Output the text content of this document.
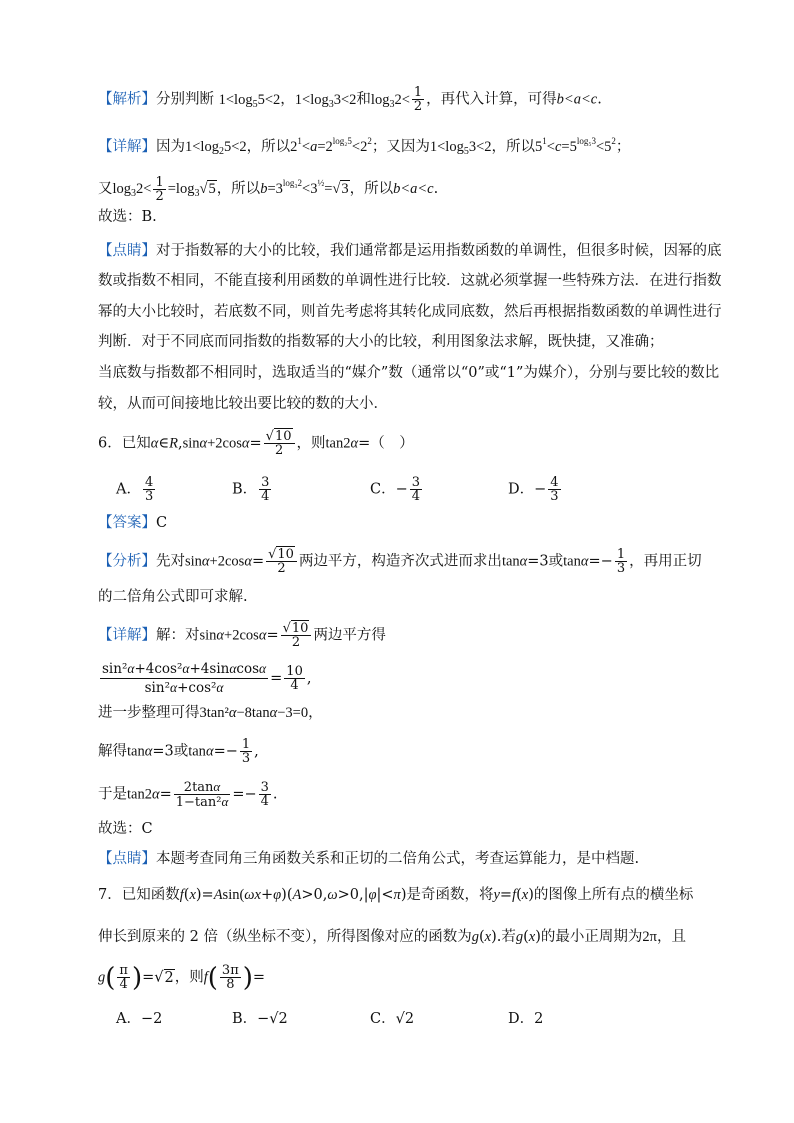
【解析】分别判断 $1<\log_55<2$，$1<\log_33<2$和$\log_32< \frac{1}{2}$ ，再代入计算，可得b<a<c.
【详解】因为$1<\log_25<2$，所以$2^1<a=2^{log_25}<2^2$；又因为$1<\log_53<2$，所以$5^1<c=5^{log_53}<5^2$；
又$\log_32< \frac{1}{2} =\log_3√5$，所以$b=3^{log_32}<3^{\frac{1}{2}}=√3$，所以b<a<c.
故选：B.
【点睛】对于指数幂的大小的比较，我们通常都是运用指数函数的单调性，但很多时候，因幂的底
数或指数不相同，不能直接利用函数的单调性进行比较．这就必须掌握一些特殊方法．在进行指数
幂的大小比较时，若底数不同，则首先考虑将其转化成同底数，然后再根据指数函数的单调性进行
判断．对于不同底而同指数的指数幂的大小的比较，利用图象法求解，既快捷，又准确；
当底数与指数都不相同时，选取适当的“媒介”数（通常以“0”或“1”为媒介），分别与要比较的数比
较，从而可间接地比较出要比较的数的大小．
6．已知α∈R,sinα+2cosα= $\frac{√10}{2}$ ，则tan2α=（　）
A． $\frac{4}{3}$	B． $\frac{3}{4}$	C．− $\frac{3}{4}$	D．− $\frac{4}{3}$
【答案】C
【分析】先对$\sin\alpha+2\cos\alpha= \frac{√10}{2}$ 两边平方，构造齐次式进而求出tanα=3或$\tan\alpha=- \frac{1}{3}$ ，再用正切
的二倍角公式即可求解.
【详解】解：对$\sin\alpha+2\cos\alpha= \frac{√10}{2}$ 两边平方得
$\frac{\text{sin²α+4cos²α+4sinαcosα}}{\text{sin²α+cos²α}} = \frac{10}{4}$ ,
进一步整理可得3tan²α−8tanα−3=0，
解得tanα=3或$\tan\alpha=- \frac{1}{3}$ ,
于是$\tan 2\alpha= \frac{2\tan\alpha}{\text{1−tan²α}} =- \frac{3}{4}$ .
故选：C
【点睛】本题考查同角三角函数关系和正切的二倍角公式，考查运算能力，是中档题.
7．已知函数f(x)=Asin(ωx+φ)(A>0,ω>0,|φ|<π)是奇函数，将y=f(x)的图像上所有点的横坐标
伸长到原来的 2 倍（纵坐标不变），所得图像对应的函数为g(x).若g(x)的最小正周期为2π，且
$g( \frac{\pi}{4} )=√2$，则$f( \frac{3\pi}{8}$ )=
A．−2	B．−√2	C．√2	D．2
